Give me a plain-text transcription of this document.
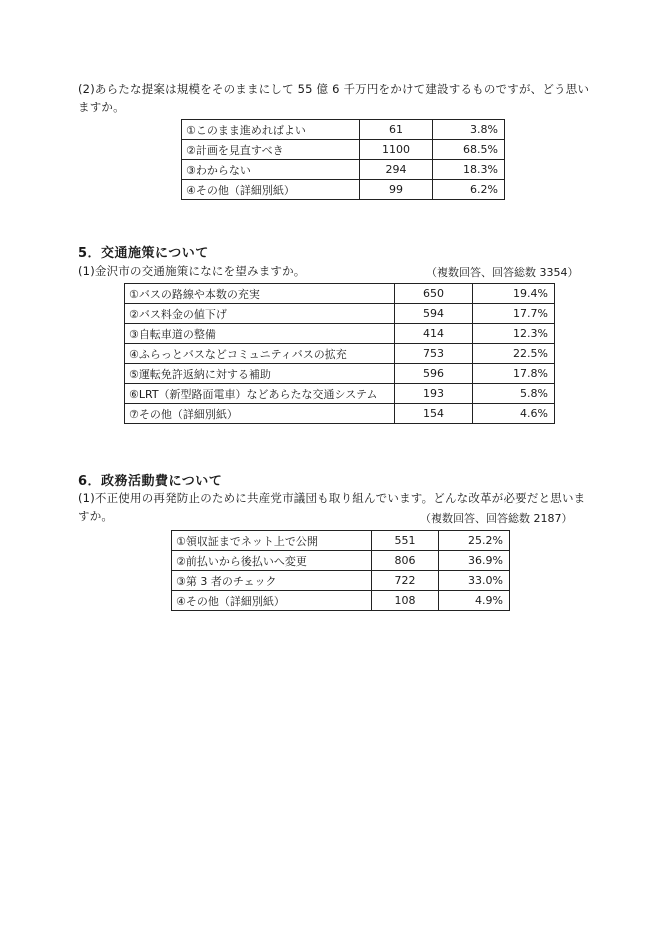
(2)あらたな提案は規模をそのままにして 55 億 6 千万円をかけて建設するものですが、どう思い
ますか。
①このまま進めればよい	61	3.8%
②計画を見直すべき	1100	68.5%
③わからない	294	18.3%
④その他（詳細別紙）	99	6.2%
5．交通施策について
(1)金沢市の交通施策になにを望みますか。	（複数回答、回答総数 3354）
①バスの路線や本数の充実	650	19.4%
②バス料金の値下げ	594	17.7%
③自転車道の整備	414	12.3%
④ふらっとバスなどコミュニティバスの拡充	753	22.5%
⑤運転免許返納に対する補助	596	17.8%
⑥LRT（新型路面電車）などあらたな交通システム	193	5.8%
⑦その他（詳細別紙）	154	4.6%
6．政務活動費について
(1)不正使用の再発防止のために共産党市議団も取り組んでいます。どんな改革が必要だと思いま
すか。	（複数回答、回答総数 2187）
①領収証までネット上で公開	551	25.2%
②前払いから後払いへ変更	806	36.9%
③第 3 者のチェック	722	33.0%
④その他（詳細別紙）	108	4.9%
